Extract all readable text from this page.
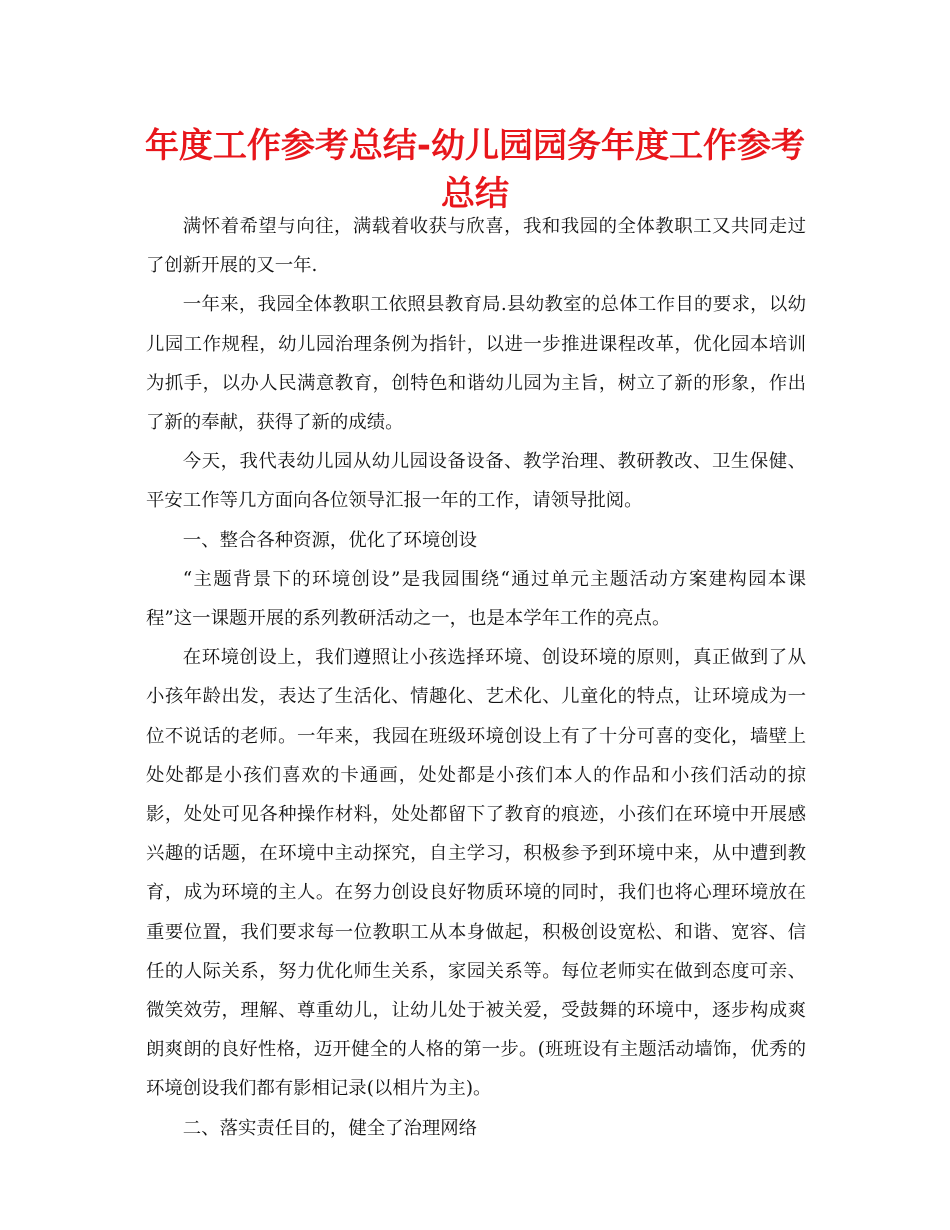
年度工作参考总结-幼儿园园务年度工作参考总结

满怀着希望与向往，满载着收获与欣喜，我和我园的全体教职工又共同走过了创新开展的又一年.

一年来，我园全体教职工依照县教育局.县幼教室的总体工作目的要求，以幼儿园工作规程，幼儿园治理条例为指针，以进一步推进课程改革，优化园本培训为抓手，以办人民满意教育，创特色和谐幼儿园为主旨，树立了新的形象，作出了新的奉献，获得了新的成绩。

今天，我代表幼儿园从幼儿园设备设备、教学治理、教研教改、卫生保健、平安工作等几方面向各位领导汇报一年的工作，请领导批阅。

一、整合各种资源，优化了环境创设

“主题背景下的环境创设”是我园围绕“通过单元主题活动方案建构园本课程”这一课题开展的系列教研活动之一，也是本学年工作的亮点。

在环境创设上，我们遵照让小孩选择环境、创设环境的原则，真正做到了从小孩年龄出发，表达了生活化、情趣化、艺术化、儿童化的特点，让环境成为一位不说话的老师。一年来，我园在班级环境创设上有了十分可喜的变化，墙壁上处处都是小孩们喜欢的卡通画，处处都是小孩们本人的作品和小孩们活动的掠影，处处可见各种操作材料，处处都留下了教育的痕迹，小孩们在环境中开展感兴趣的话题，在环境中主动探究，自主学习，积极参予到环境中来，从中遭到教育，成为环境的主人。在努力创设良好物质环境的同时，我们也将心理环境放在重要位置，我们要求每一位教职工从本身做起，积极创设宽松、和谐、宽容、信任的人际关系，努力优化师生关系，家园关系等。每位老师实在做到态度可亲、微笑效劳，理解、尊重幼儿，让幼儿处于被关爱，受鼓舞的环境中，逐步构成爽朗爽朗的良好性格，迈开健全的人格的第一步。(班班设有主题活动墙饰，优秀的环境创设我们都有影相记录(以相片为主)。

二、落实责任目的，健全了治理网络
